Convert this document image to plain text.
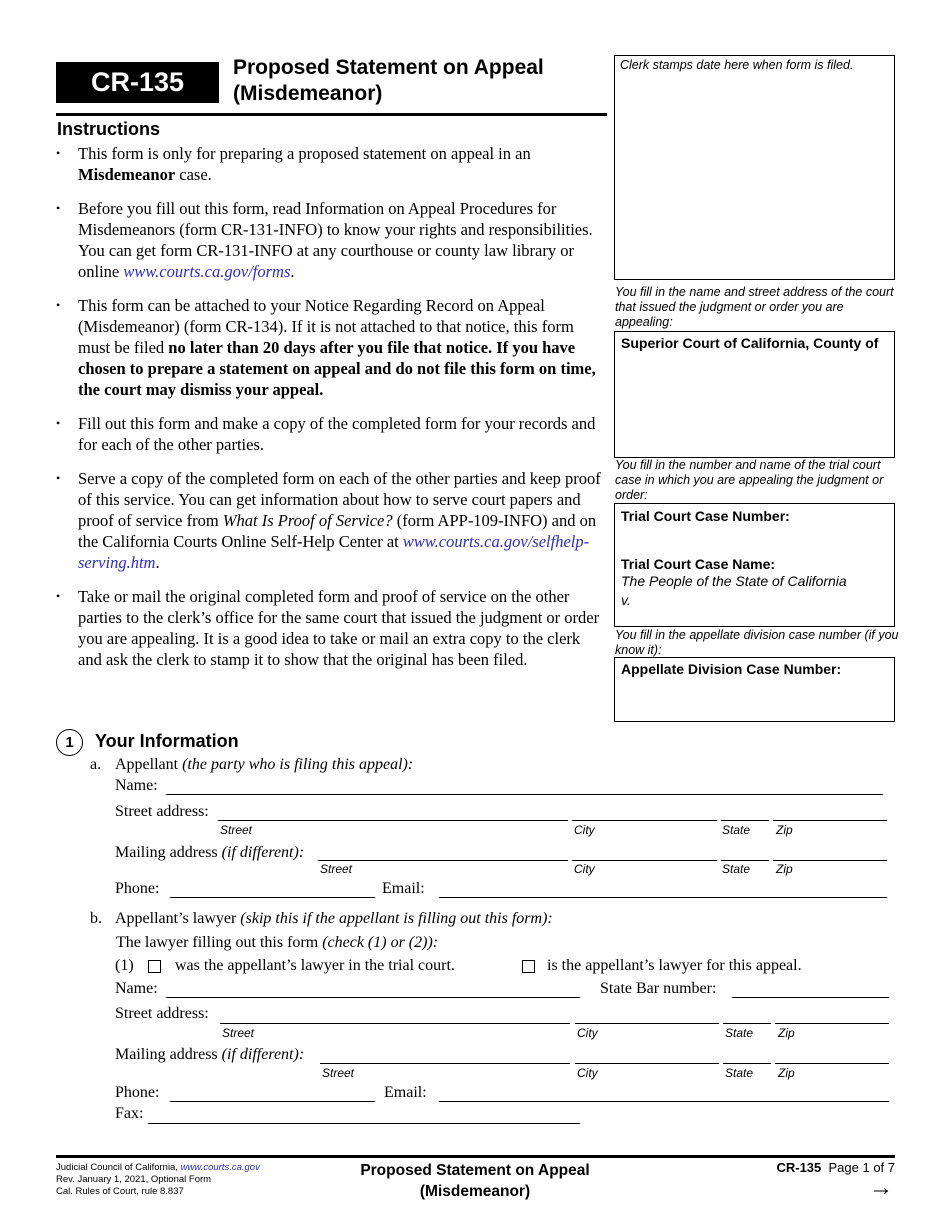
CR-135	Proposed Statement on Appeal
(Misdemeanor)
Instructions
• This form is only for preparing a proposed statement on appeal in an Misdemeanor case.
• Before you fill out this form, read Information on Appeal Procedures for Misdemeanors (form CR-131-INFO) to know your rights and responsibilities. You can get form CR-131-INFO at any courthouse or county law library or online www.courts.ca.gov/forms.
• This form can be attached to your Notice Regarding Record on Appeal (Misdemeanor) (form CR-134). If it is not attached to that notice, this form must be filed no later than 20 days after you file that notice. If you have chosen to prepare a statement on appeal and do not file this form on time, the court may dismiss your appeal.
• Fill out this form and make a copy of the completed form for your records and for each of the other parties.
• Serve a copy of the completed form on each of the other parties and keep proof of this service. You can get information about how to serve court papers and proof of service from What Is Proof of Service? (form APP-109-INFO) and on the California Courts Online Self-Help Center at www.courts.ca.gov/selfhelp-serving.htm.
• Take or mail the original completed form and proof of service on the other parties to the clerk’s office for the same court that issued the judgment or order you are appealing. It is a good idea to take or mail an extra copy to the clerk and ask the clerk to stamp it to show that the original has been filed.
Clerk stamps date here when form is filed.
You fill in the name and street address of the court that issued the judgment or order you are appealing:
Superior Court of California, County of
You fill in the number and name of the trial court case in which you are appealing the judgment or order:
Trial Court Case Number:
Trial Court Case Name:
The People of the State of California
v.
You fill in the appellate division case number (if you know it):
Appellate Division Case Number:
1	Your Information
a. Appellant (the party who is filing this appeal):
Name:
Street address:
Street	City	State Zip
Mailing address (if different):
Street	City	State Zip
Phone:	Email:
b. Appellant’s lawyer (skip this if the appellant is filling out this form):
The lawyer filling out this form (check (1) or (2)):
(1)	was the appellant’s lawyer in the trial court.	is the appellant’s lawyer for this appeal.
Name:	State Bar number:
Street address:
Street	City	State Zip
Mailing address (if different):
Street	City	State Zip
Phone:	Email:
Fax:
Judicial Council of California, www.courts.ca.gov
Rev. January 1, 2021, Optional Form
Cal. Rules of Court, rule 8.837
Proposed Statement on Appeal
(Misdemeanor)
CR-135 Page 1 of 7
→
